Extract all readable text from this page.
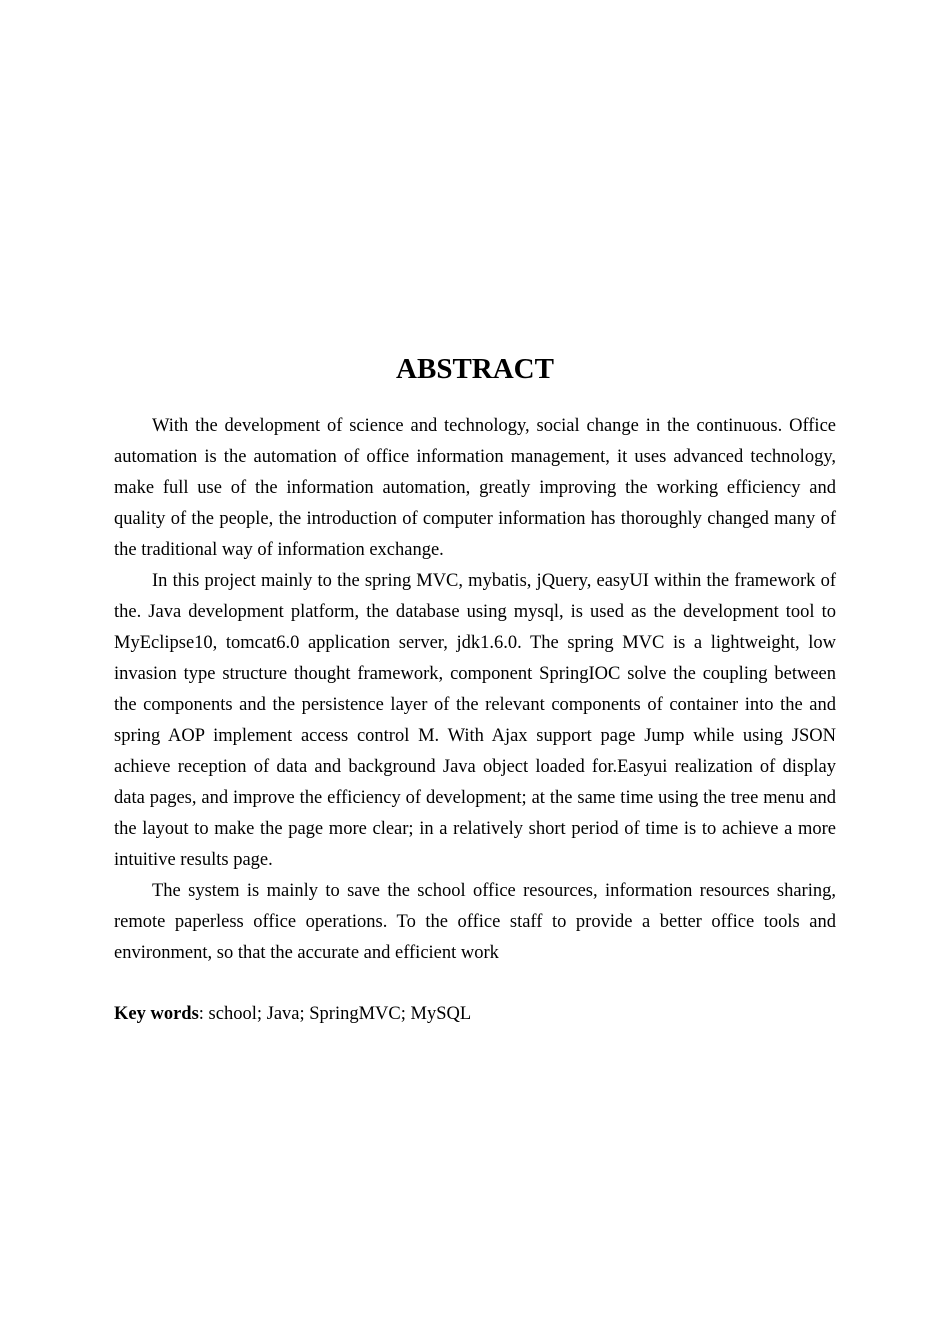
ABSTRACT

With the development of science and technology, social change in the continuous. Office automation is the automation of office information management, it uses advanced technology, make full use of the information automation, greatly improving the working efficiency and quality of the people, the introduction of computer information has thoroughly changed many of the traditional way of information exchange.

In this project mainly to the spring MVC, mybatis, jQuery, easyUI within the framework of the. Java development platform, the database using mysql, is used as the development tool to MyEclipse10, tomcat6.0 application server, jdk1.6.0. The spring MVC is a lightweight, low invasion type structure thought framework, component SpringIOC solve the coupling between the components and the persistence layer of the relevant components of container into the and spring AOP implement access control M. With Ajax support page Jump while using JSON achieve reception of data and background Java object loaded for.Easyui realization of display data pages, and improve the efficiency of development; at the same time using the tree menu and the layout to make the page more clear; in a relatively short period of time is to achieve a more intuitive results page.

The system is mainly to save the school office resources, information resources sharing, remote paperless office operations. To the office staff to provide a better office tools and environment, so that the accurate and efficient work

Key words: school; Java; SpringMVC; MySQL
